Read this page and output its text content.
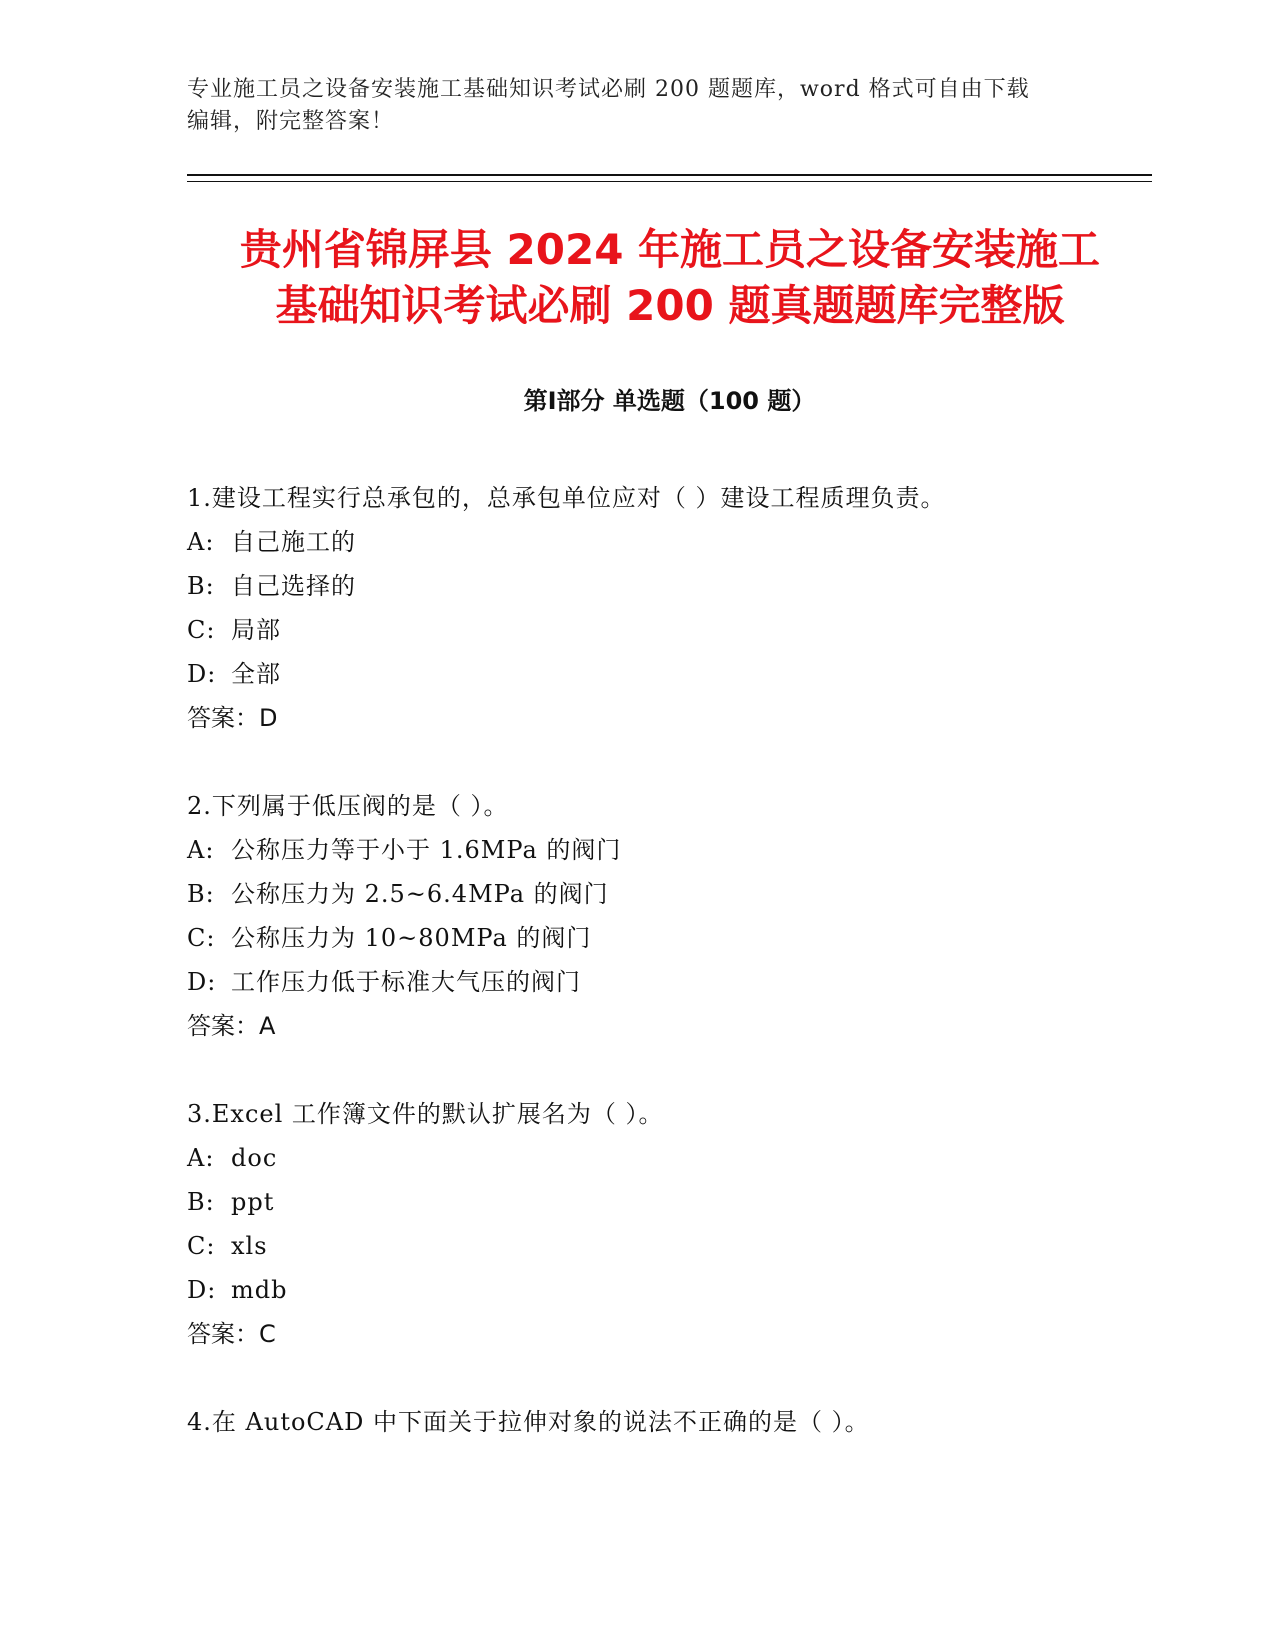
专业施工员之设备安装施工基础知识考试必刷 200 题题库，word 格式可自由下载
编辑，附完整答案！
贵州省锦屏县 2024 年施工员之设备安装施工
基础知识考试必刷 200 题真题题库完整版
第Ⅰ部分 单选题（100 题）
1.建设工程实行总承包的，总承包单位应对（ ）建设工程质理负责。
A: 自己施工的
B: 自己选择的
C: 局部
D: 全部
答案：D
2.下列属于低压阀的是（ ）。
A: 公称压力等于小于 1.6MPa 的阀门
B: 公称压力为 2.5~6.4MPa 的阀门
C: 公称压力为 10~80MPa 的阀门
D: 工作压力低于标准大气压的阀门
答案：A
3.Excel 工作簿文件的默认扩展名为（ ）。
A: doc
B: ppt
C: xls
D: mdb
答案：C
4.在 AutoCAD 中下面关于拉伸对象的说法不正确的是（ ）。
